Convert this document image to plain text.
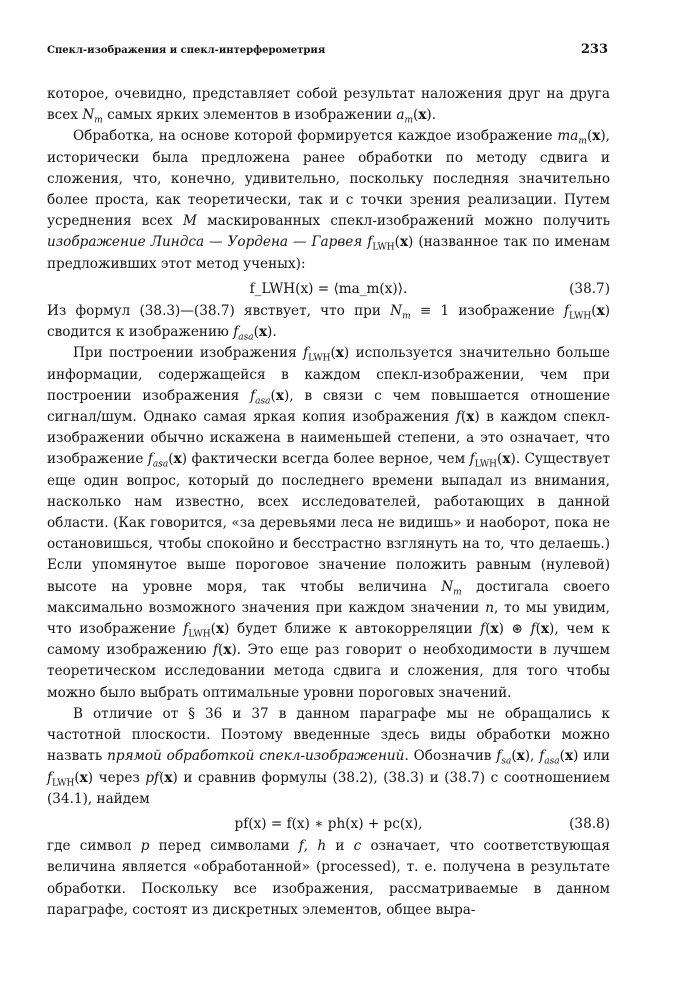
Спекл-изображения и спекл-интерферометрия	233

которое, очевидно, представляет собой результат наложения друг на друга всех $N_m$ самых ярких элементов в изображении $a_m(x)$.

Обработка, на основе которой формируется каждое изображение $ma_m(x)$, исторически была предложена ранее обработки по методу сдвига и сложения, что, конечно, удивительно, поскольку последняя значительно более проста, как теоретически, так и с точки зрения реализации. Путем усреднения всех M маскированных спекл-изображений можно получить изображение Линдса — Уордена — Гарвея $f_{LWH}(x)$ (названное так по именам предложивших этот метод ученых):

f_LWH(x) = ⟨ma_m(x)⟩.	(38.7)

Из формул (38.3)—(38.7) явствует, что при $N_m \equiv 1$ изображение $f_{LWH}(x)$ сводится к изображению $f_{asa}(x)$.

При построении изображения $f_{LWH}(x)$ используется значительно больше информации, содержащейся в каждом спекл-изображении, чем при построении изображения $f_{asa}(x)$, в связи с чем повышается отношение сигнал/шум. Однако самая яркая копия изображения f(x) в каждом спекл-изображении обычно искажена в наименьшей степени, а это означает, что изображение $f_{asa}(x)$ фактически всегда более верное, чем $f_{LWH}(x)$. Существует еще один вопрос, который до последнего времени выпадал из внимания, насколько нам известно, всех исследователей, работающих в данной области. (Как говорится, «за деревьями леса не видишь» и наоборот, пока не остановишься, чтобы спокойно и бесстрастно взглянуть на то, что делаешь.) Если упомянутое выше пороговое значение положить равным (нулевой) высоте на уровне моря, так чтобы величина $N_m$ достигала своего максимально возможного значения при каждом значении n, то мы увидим, что изображение $f_{LWH}(x)$ будет ближе к автокорреляции f(x) ⊛ f(x), чем к самому изображению f(x). Это еще раз говорит о необходимости в лучшем теоретическом исследовании метода сдвига и сложения, для того чтобы можно было выбрать оптимальные уровни пороговых значений.

В отличие от § 36 и 37 в данном параграфе мы не обращались к частотной плоскости. Поэтому введенные здесь виды обработки можно назвать прямой обработкой спекл-изображений. Обозначив $f_{sa}(x)$, $f_{asa}(x)$ или $f_{LWH}(x)$ через pf(x) и сравнив формулы (38.2), (38.3) и (38.7) с соотношением (34.1), найдем

pf(x) = f(x) ∗ ph(x) + pc(x),	(38.8)

где символ p перед символами f, h и c означает, что соответствующая величина является «обработанной» (processed), т. е. получена в результате обработки. Поскольку все изображения, рассматриваемые в данном параграфе, состоят из дискретных элементов, общее выра-
